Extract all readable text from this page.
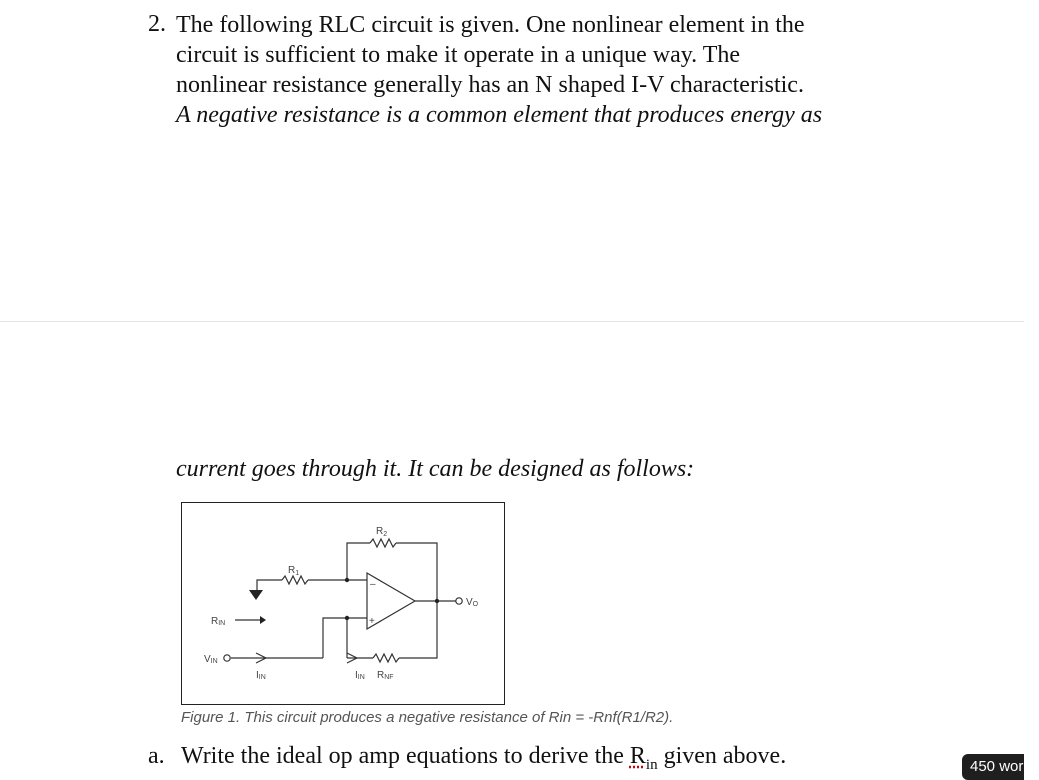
2. The following RLC circuit is given. One nonlinear element in the
circuit is sufficient to make it operate in a unique way. The
nonlinear resistance generally has an N shaped I-V characteristic.
A negative resistance is a common element that produces energy as
current goes through it. It can be designed as follows:
$R_2$
$R_1$
–
+
VO
RIN
VIN
IIN	IIN RNF
Figure 1. This circuit produces a negative resistance of Rin = -Rnf(R1/R2).
a. Write the ideal op amp equations to derive the $R_{in}$ given above.	450 words
